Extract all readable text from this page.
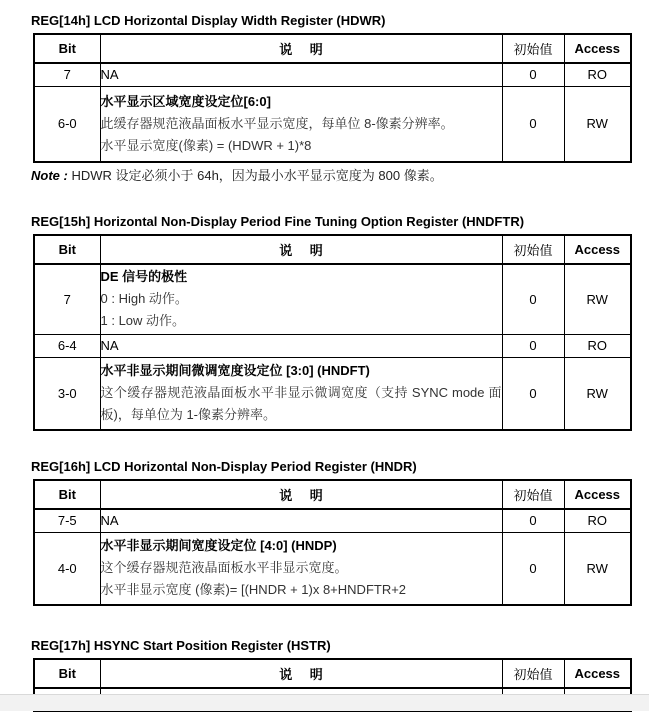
REG[14h] LCD Horizontal Display Width Register (HDWR)
Bit	说 明	初始值	Access
7	NA	0	RO
6-0	水平显示区域宽度设定位[6:0]
此缓存器规范液晶面板水平显示宽度，每单位 8-像素分辨率。
水平显示宽度(像素) = (HDWR + 1)*8	0	RW
Note : HDWR 设定必须小于 64h，因为最小水平显示宽度为 800 像素。
REG[15h] Horizontal Non-Display Period Fine Tuning Option Register (HNDFTR)
Bit	说 明	初始值	Access
7	DE 信号的极性
0 : High 动作。
1 : Low 动作。	0	RW
6-4	NA	0	RO
3-0	水平非显示期间微调宽度设定位 [3:0] (HNDFT)
这个缓存器规范液晶面板水平非显示微调宽度（支持 SYNC mode 面板)，每单位为 1-像素分辨率。	0	RW
REG[16h] LCD Horizontal Non-Display Period Register (HNDR)
Bit	说 明	初始值	Access
7-5	NA	0	RO
4-0	水平非显示期间宽度设定位 [4:0] (HNDP)
这个缓存器规范液晶面板水平非显示宽度。
水平非显示宽度 (像素)= [(HNDR + 1)x 8+HNDFTR+2	0	RW
REG[17h] HSYNC Start Position Register (HSTR)
Bit	说 明	初始值	Access
